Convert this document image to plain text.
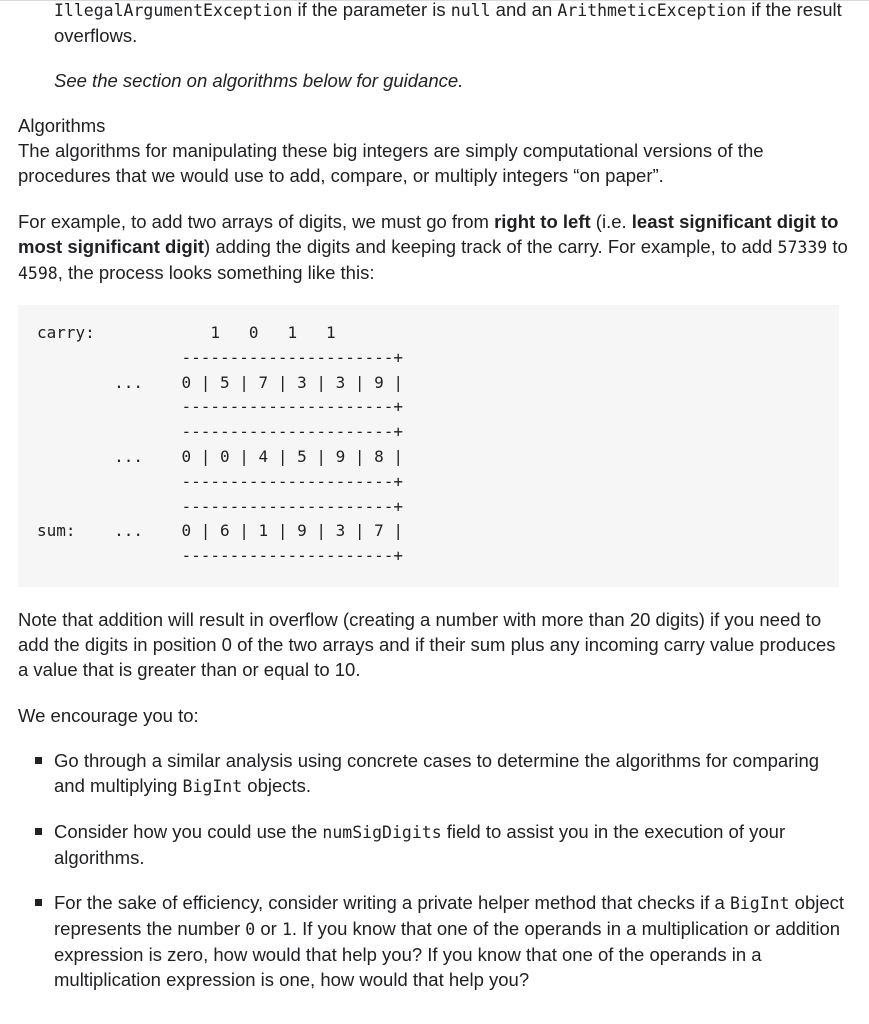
IllegalArgumentException if the parameter is null and an ArithmeticException if the result overflows.

See the section on algorithms below for guidance.

Algorithms

The algorithms for manipulating these big integers are simply computational versions of the procedures that we would use to add, compare, or multiply integers “on paper”.

For example, to add two arrays of digits, we must go from right to left (i.e. least significant digit to most significant digit) adding the digits and keeping track of the carry. For example, to add 57339 to 4598, the process looks something like this:

carry:            1   0   1   1
----------------------+
...    0 | 5 | 7 | 3 | 3 | 9 |
----------------------+
----------------------+
...    0 | 0 | 4 | 5 | 9 | 8 |
----------------------+
----------------------+
sum:    ...    0 | 6 | 1 | 9 | 3 | 7 |
----------------------+

Note that addition will result in overflow (creating a number with more than 20 digits) if you need to add the digits in position 0 of the two arrays and if their sum plus any incoming carry value produces a value that is greater than or equal to 10.

We encourage you to:

Go through a similar analysis using concrete cases to determine the algorithms for comparing and multiplying BigInt objects.
Consider how you could use the numSigDigits field to assist you in the execution of your algorithms.
For the sake of efficiency, consider writing a private helper method that checks if a BigInt object represents the number 0 or 1. If you know that one of the operands in a multiplication or addition expression is zero, how would that help you? If you know that one of the operands in a multiplication expression is one, how would that help you?
